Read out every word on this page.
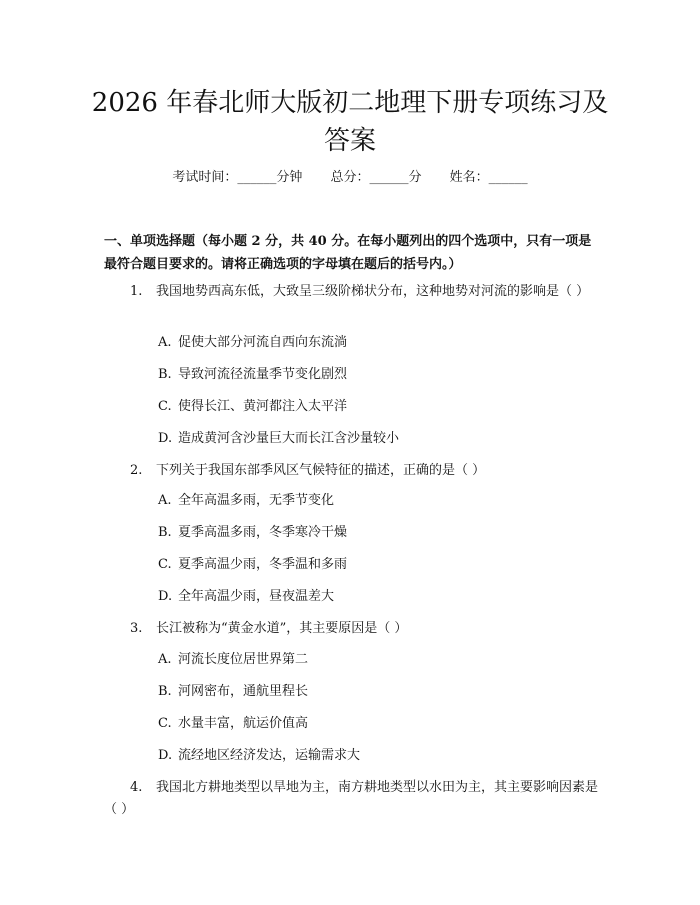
2026 年春北师大版初二地理下册专项练习及答案
考试时间：______分钟 总分：______分 姓名：______

一、单项选择题（每小题 2 分，共 40 分。在每小题列出的四个选项中，只有一项是最符合题目要求的。请将正确选项的字母填在题后的括号内。）

1. 我国地势西高东低，大致呈三级阶梯状分布，这种地势对河流的影响是（ ）
A. 促使大部分河流自西向东流淌
B. 导致河流径流量季节变化剧烈
C. 使得长江、黄河都注入太平洋
D. 造成黄河含沙量巨大而长江含沙量较小
2. 下列关于我国东部季风区气候特征的描述，正确的是（ ）
A. 全年高温多雨，无季节变化
B. 夏季高温多雨，冬季寒冷干燥
C. 夏季高温少雨，冬季温和多雨
D. 全年高温少雨，昼夜温差大
3. 长江被称为“黄金水道”，其主要原因是（ ）
A. 河流长度位居世界第二
B. 河网密布，通航里程长
C. 水量丰富，航运价值高
D. 流经地区经济发达，运输需求大
4. 我国北方耕地类型以旱地为主，南方耕地类型以水田为主，其主要影响因素是（ ）
